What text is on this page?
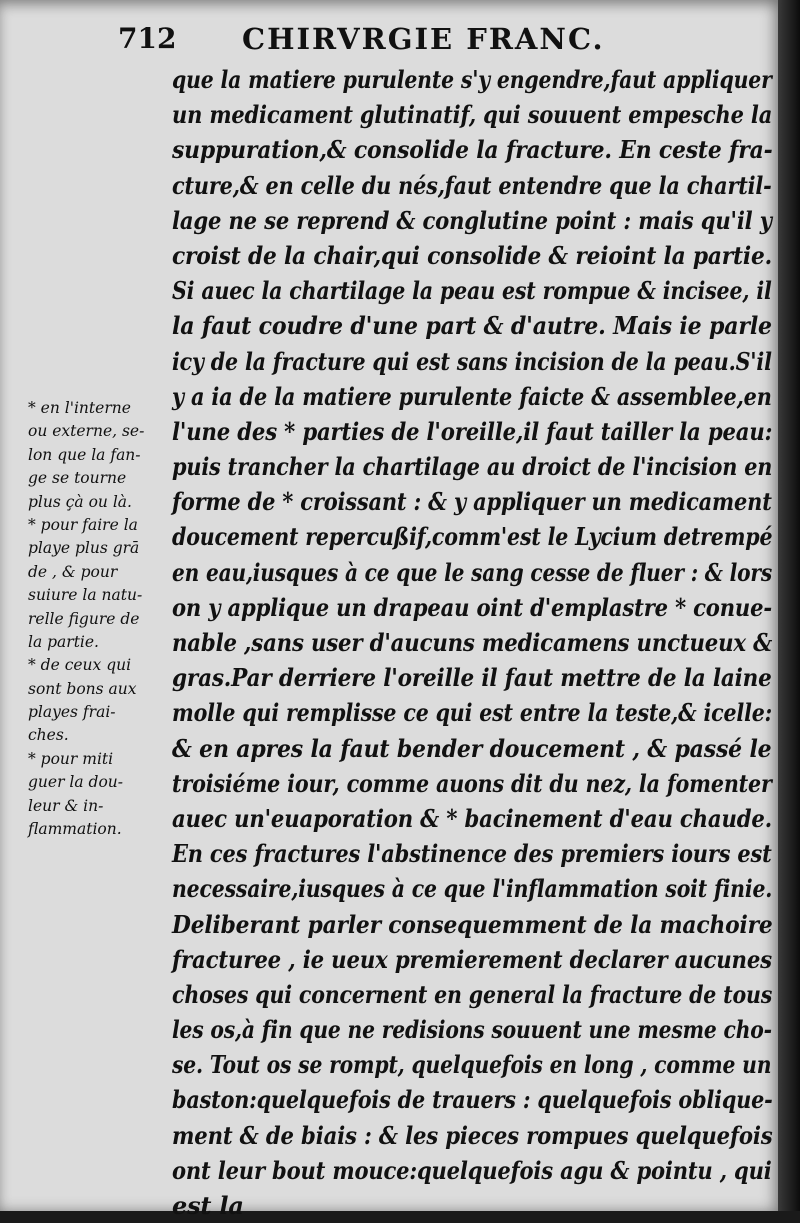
712 CHIRVRGIE FRANC.
* en l'interne
ou externe, se-
lon que la fan-
ge se tourne
plus çà ou là.
* pour faire la
playe plus grā
de , & pour
suiure la natu-
relle figure de
la partie.
* de ceux qui
sont bons aux
playes frai-
ches.
* pour miti
guer la dou-
leur & in-
flammation.
que la matiere purulente s'y engendre,faut appliquer
un medicament glutinatif, qui souuent empesche la
suppuration,& consolide la fracture. En ceste fra-
cture,& en celle du nés,faut entendre que la chartil-
lage ne se reprend & conglutine point : mais qu'il y
croist de la chair,qui consolide & reioint la partie.
Si auec la chartilage la peau est rompue & incisee, il
la faut coudre d'une part & d'autre. Mais ie parle
icy de la fracture qui est sans incision de la peau.S'il
y a ia de la matiere purulente faicte & assemblee,en
l'une des * parties de l'oreille,il faut tailler la peau:
puis trancher la chartilage au droict de l'incision en
forme de * croissant : & y appliquer un medicament
doucement repercußif,comm'est le Lycium detrempé
en eau,iusques à ce que le sang cesse de fluer : & lors
on y applique un drapeau oint d'emplastre * conue-
nable ,sans user d'aucuns medicamens unctueux &
gras.Par derriere l'oreille il faut mettre de la laine
molle qui remplisse ce qui est entre la teste,& icelle:
& en apres la faut bender doucement , & passé le
troisiéme iour, comme auons dit du nez, la fomenter
auec un'euaporation & * bacinement d'eau chaude.
En ces fractures l'abstinence des premiers iours est
necessaire,iusques à ce que l'inflammation soit finie.
Deliberant parler consequemment de la machoire
fracturee , ie ueux premierement declarer aucunes
choses qui concernent en general la fracture de tous
les os,à fin que ne redisions souuent une mesme cho-
se. Tout os se rompt, quelquefois en long , comme un
baston:quelquefois de trauers : quelquefois oblique-
ment & de biais : & les pieces rompues quelquefois
ont leur bout mouce:quelquefois agu & pointu , qui
est la
